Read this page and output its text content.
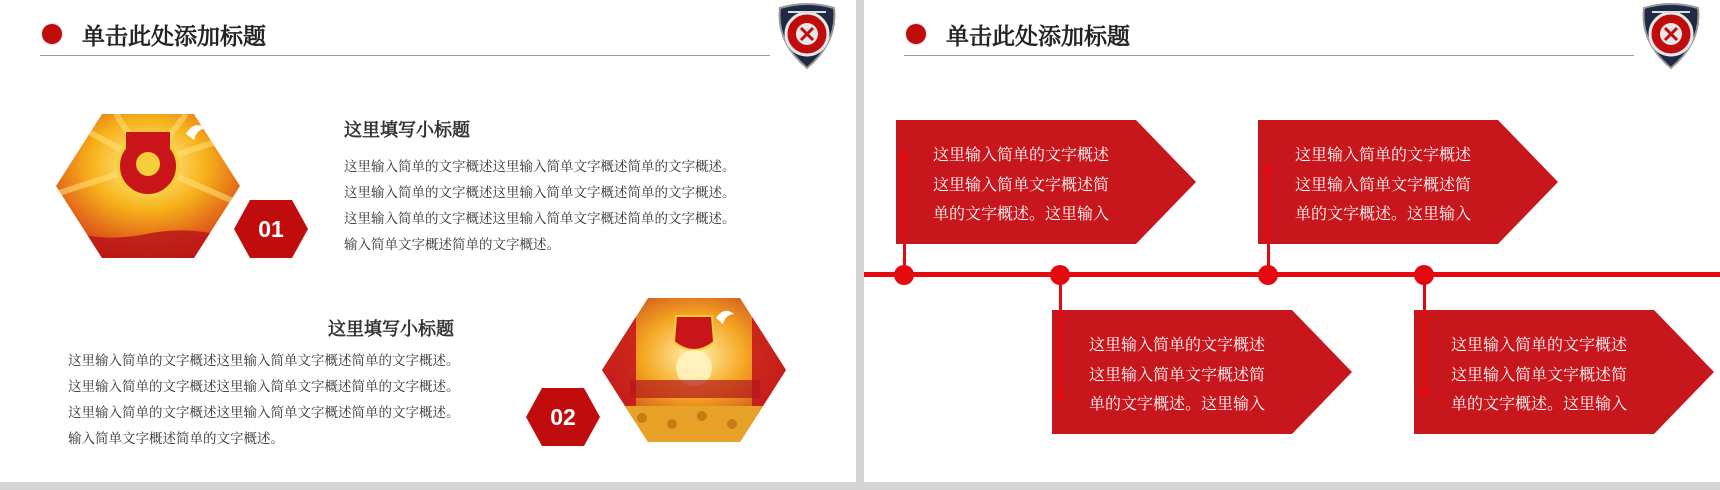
单击此处添加标题
01
这里填写小标题
这里输入简单的文字概述这里输入简单文字概述简单的文字概述。
这里输入简单的文字概述这里输入简单文字概述简单的文字概述。
这里输入简单的文字概述这里输入简单文字概述简单的文字概述。
输入简单文字概述简单的文字概述。
这里填写小标题
这里输入简单的文字概述这里输入简单文字概述简单的文字概述。
这里输入简单的文字概述这里输入简单文字概述简单的文字概述。
这里输入简单的文字概述这里输入简单文字概述简单的文字概述。
输入简单文字概述简单的文字概述。
02
单击此处添加标题
这里输入简单的文字概述
这里输入简单文字概述简
单的文字概述。这里输入
这里输入简单的文字概述
这里输入简单文字概述简
单的文字概述。这里输入
这里输入简单的文字概述
这里输入简单文字概述简
单的文字概述。这里输入
这里输入简单的文字概述
这里输入简单文字概述简
单的文字概述。这里输入
